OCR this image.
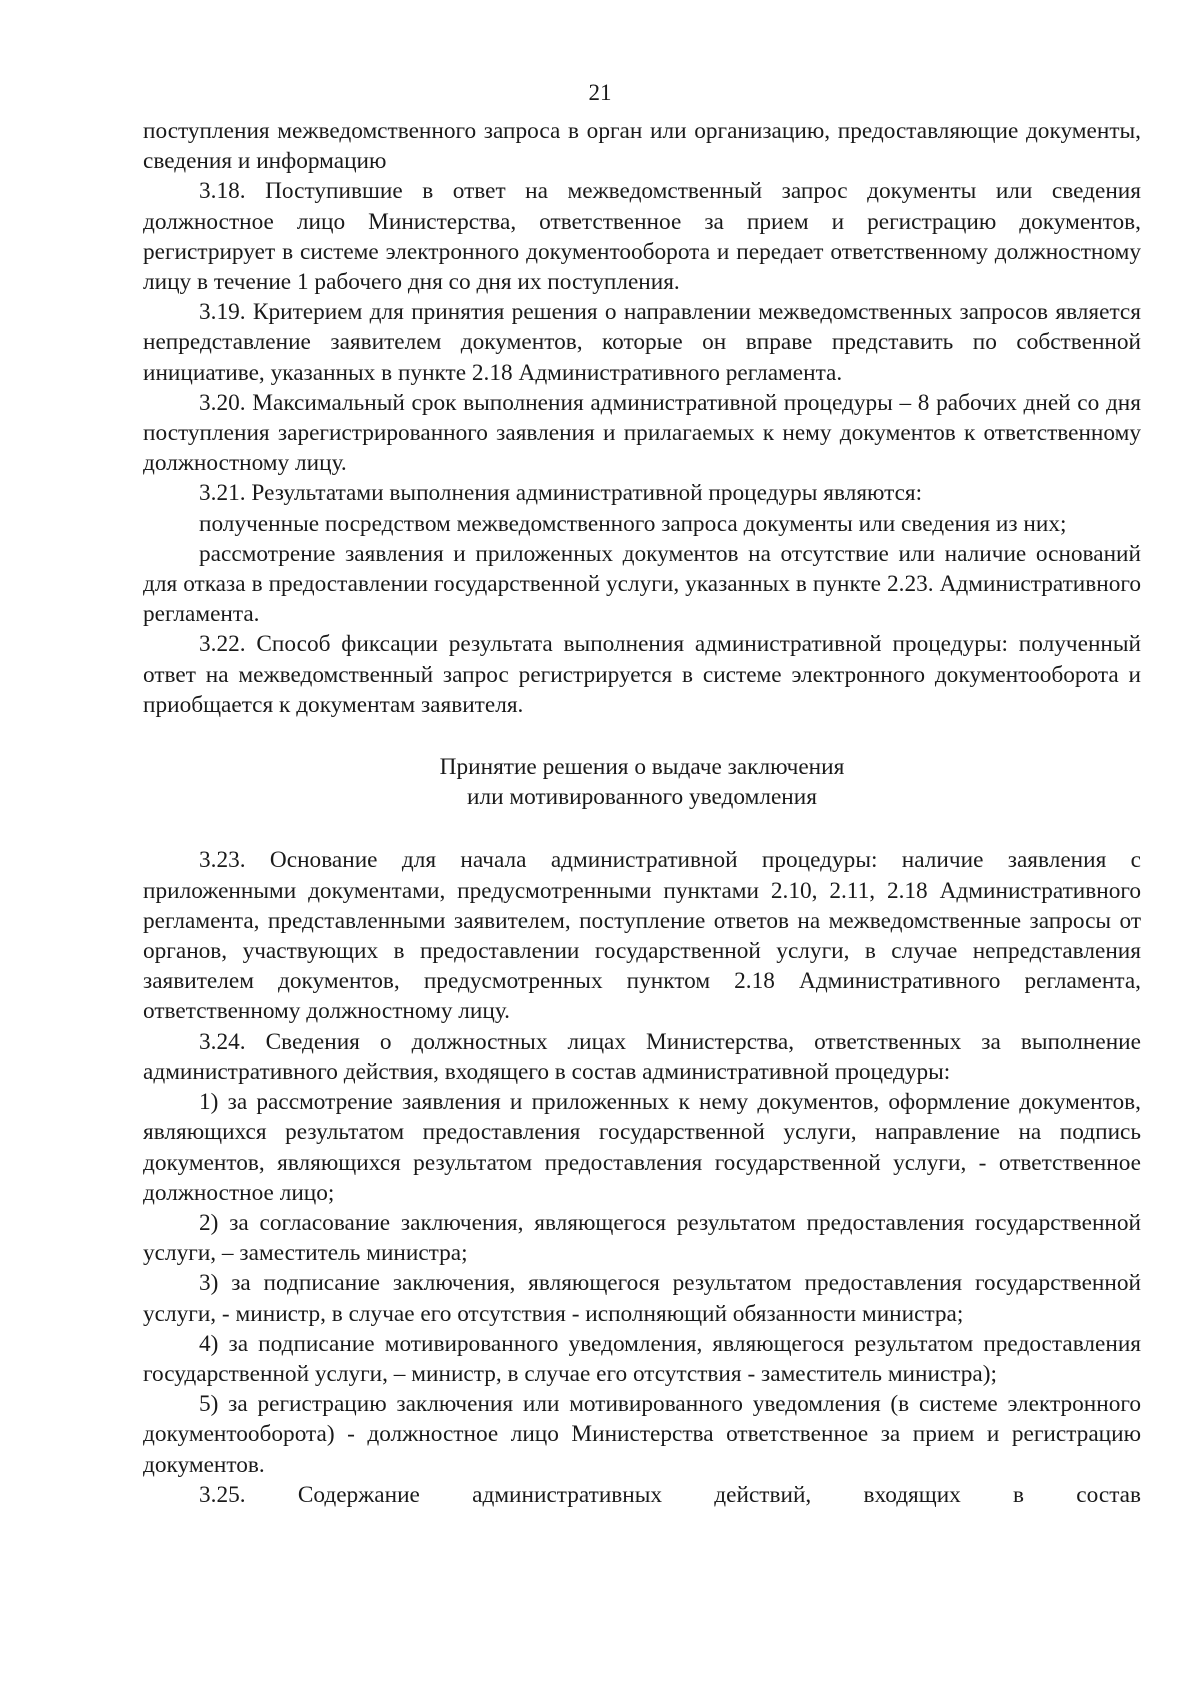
21

поступления межведомственного запроса в орган или организацию, предоставляющие документы, сведения и информацию

3.18. Поступившие в ответ на межведомственный запрос документы или сведения должностное лицо Министерства, ответственное за прием и регистрацию документов, регистрирует в системе электронного документооборота и передает ответственному должностному лицу в течение 1 рабочего дня со дня их поступления.

3.19. Критерием для принятия решения о направлении межведомственных запросов является непредставление заявителем документов, которые он вправе представить по собственной инициативе, указанных в пункте 2.18 Административного регламента.

3.20. Максимальный срок выполнения административной процедуры – 8 рабочих дней со дня поступления зарегистрированного заявления и прилагаемых к нему документов к ответственному должностному лицу.

3.21. Результатами выполнения административной процедуры являются:

полученные посредством межведомственного запроса документы или сведения из них;

рассмотрение заявления и приложенных документов на отсутствие или наличие оснований для отказа в предоставлении государственной услуги, указанных в пункте 2.23. Административного регламента.

3.22. Способ фиксации результата выполнения административной процедуры: полученный ответ на межведомственный запрос регистрируется в системе электронного документооборота и приобщается к документам заявителя.

Принятие решения о выдаче заключения
или мотивированного уведомления

3.23. Основание для начала административной процедуры: наличие заявления с приложенными документами, предусмотренными пунктами 2.10, 2.11, 2.18 Административного регламента, представленными заявителем, поступление ответов на межведомственные запросы от органов, участвующих в предоставлении государственной услуги, в случае непредставления заявителем документов, предусмотренных пунктом 2.18 Административного регламента, ответственному должностному лицу.

3.24. Сведения о должностных лицах Министерства, ответственных за выполнение административного действия, входящего в состав административной процедуры:

1) за рассмотрение заявления и приложенных к нему документов, оформление документов, являющихся результатом предоставления государственной услуги, направление на подпись документов, являющихся результатом предоставления государственной услуги, - ответственное должностное лицо;

2) за согласование заключения, являющегося результатом предоставления государственной услуги, – заместитель министра;

3) за подписание заключения, являющегося результатом предоставления государственной услуги, - министр, в случае его отсутствия - исполняющий обязанности министра;

4) за подписание мотивированного уведомления, являющегося результатом предоставления государственной услуги, – министр, в случае его отсутствия - заместитель министра);

5) за регистрацию заключения или мотивированного уведомления (в системе электронного документооборота) - должностное лицо Министерства ответственное за прием и регистрацию документов.

3.25. Содержание административных действий, входящих в состав
